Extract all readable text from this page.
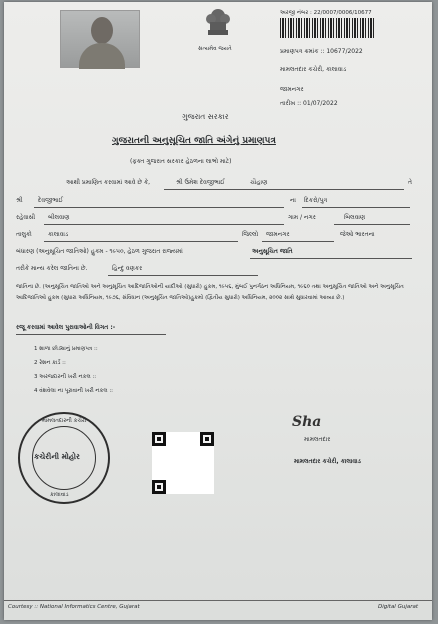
સત્યમેવ જયતે
અરજી નંબર : 22/0007/0006/10677
પ્રમાણપત્ર ક્રમાંક :: 10677/2022
મામલતદાર કચેરી, કાલાવાડ
જામનગર
તારીખ :: 01/07/2022
ગુજરાત સરકાર
ગુજરાતની અનુસૂચિત જાતિ અંગેનું પ્રમાણપત્ર
(ફક્ત ગુજરાત સરકાર હેઠળના લાભો માટે)
આથી પ્રમાણિત કરવામાં આવે છે કે,	શ્રી ઉમેશ દેવજીભાઈ	ચૌહાણ	તે
શ્રી	દેવજીભાઈ	ના દિકરો/પુત્ર
રહેવાસી બીલવાણ	ગામ / નગર	બિલવાણ
તાલુકો	કાલાવાડ	જિલ્લો જામનગર	જેઓ ભારતના
બંધારણ (અનુસૂચિત જાતિઓ) હુકમ - ૧૯૫૦, હેઠળ ગુજરાત રાજ્યમાં	અનુસૂચિત જાતિ
તરીકે માન્ય કરેલ જાતિના છે.	હિન્દુ વણકર
જાતિના છે. (અનુસૂચિત જાતિઓ અને અનુસૂચિત આદિજાતિઓની યાદીઓ (સુધારો) હુકમ, ૧૯૫૬, મુંબઈ પુનર્ગઠન અધિનિયમ, ૧૯૬૦ તથા અનુસૂચિત જાતિઓ અને અનુસૂચિત આદિજાતિઓ હુકમ (સુધારા અધિનિયમ, ૧૯૭૬, સંવિધાન (અનુસૂચિત જાતિઓ)હુકમો (દ્વિતીય સુધારો) અધિનિયમ, ૨૦૦૨ સાથે સુધારવામાં આવ્યા છે.)
રજૂ કરવામાં આવેલ પુરાવાઓની વિગત :-
1 શાળા છોડ્યાનું પ્રમાણપત્ર ::
2 રેશન કાર્ડ ::
3 અરજદારની ખરી નકલ ::
4 વંશવેલા ના પૂરાવાની ખરી નકલ ::
મામલતદારની કચેરી
કચેરીની મોહોર
કાલાવાડ
Sha
મામલતદાર
મામલતદાર કચેરી, કાલાવાડ
Courtesy :: National Informatics Centre, Gujarat	Digital Gujarat
